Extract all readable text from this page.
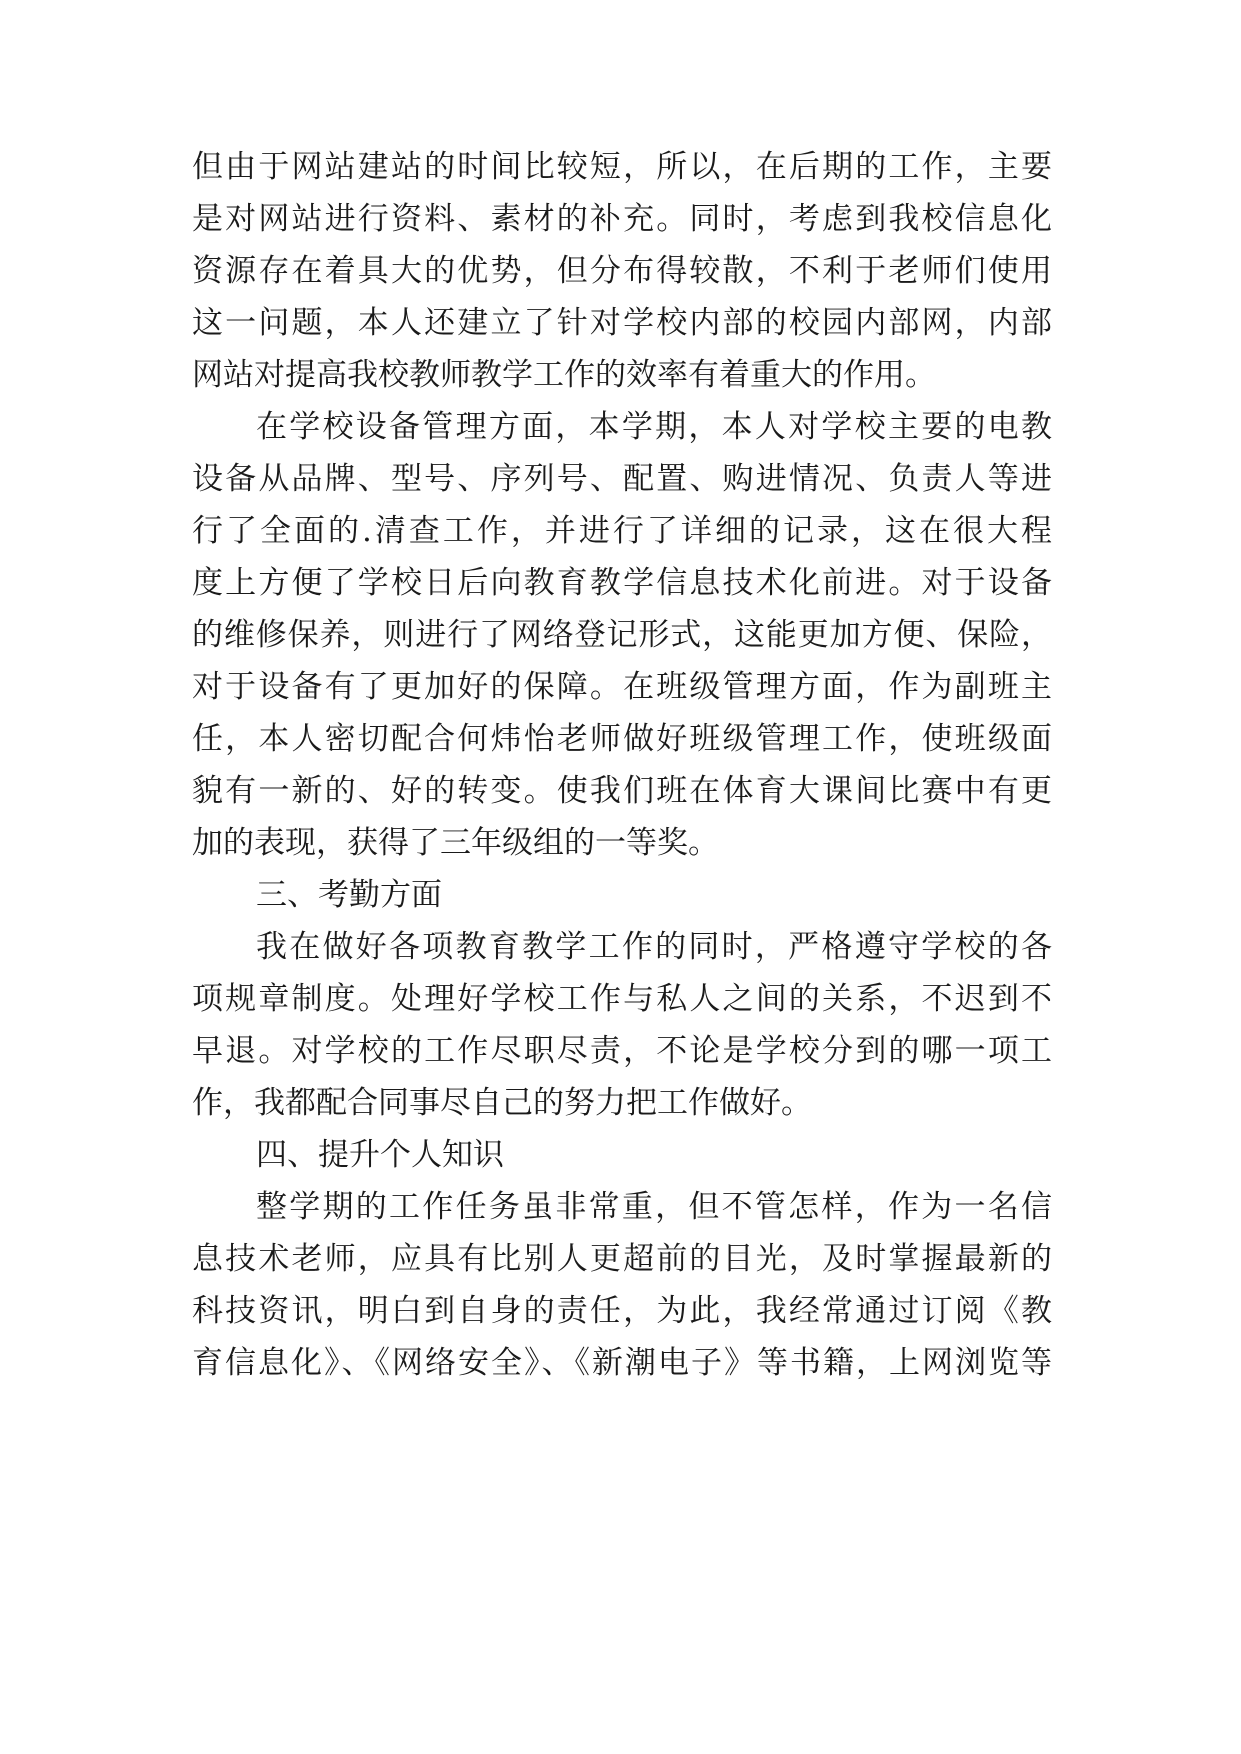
但由于网站建站的时间比较短，所以，在后期的工作，主要
是对网站进行资料、素材的补充。同时，考虑到我校信息化
资源存在着具大的优势，但分布得较散，不利于老师们使用
这一问题，本人还建立了针对学校内部的校园内部网，内部
网站对提高我校教师教学工作的效率有着重大的作用。
在学校设备管理方面，本学期，本人对学校主要的电教
设备从品牌、型号、序列号、配置、购进情况、负责人等进
行了全面的.清查工作，并进行了详细的记录，这在很大程
度上方便了学校日后向教育教学信息技术化前进。对于设备
的维修保养，则进行了网络登记形式，这能更加方便、保险，
对于设备有了更加好的保障。在班级管理方面，作为副班主
任，本人密切配合何炜怡老师做好班级管理工作，使班级面
貌有一新的、好的转变。使我们班在体育大课间比赛中有更
加的表现，获得了三年级组的一等奖。
三、考勤方面
我在做好各项教育教学工作的同时，严格遵守学校的各
项规章制度。处理好学校工作与私人之间的关系，不迟到不
早退。对学校的工作尽职尽责，不论是学校分到的哪一项工
作，我都配合同事尽自己的努力把工作做好。
四、提升个人知识
整学期的工作任务虽非常重，但不管怎样，作为一名信
息技术老师，应具有比别人更超前的目光，及时掌握最新的
科技资讯，明白到自身的责任，为此，我经常通过订阅《教
育信息化》、《网络安全》、《新潮电子》等书籍，上网浏览等
